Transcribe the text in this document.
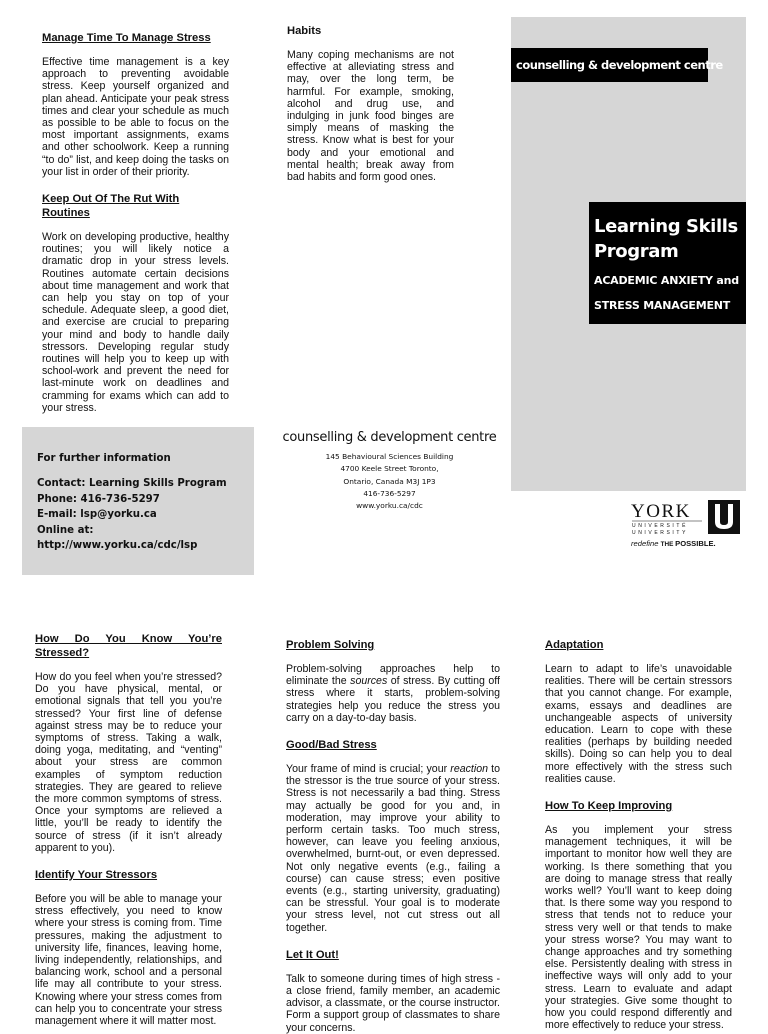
Manage Time To Manage Stress

Effective time management is a key approach to preventing avoidable stress. Keep yourself organized and plan ahead. Anticipate your peak stress times and clear your schedule as much as possible to be able to focus on the most important assignments, exams and other schoolwork. Keep a running “to do” list, and keep doing the tasks on your list in order of their priority.

Keep Out Of The Rut With Routines

Work on developing productive, healthy routines; you will likely notice a dramatic drop in your stress levels. Routines automate certain decisions about time management and work that can help you stay on top of your schedule. Adequate sleep, a good diet, and exercise are crucial to preparing your mind and body to handle daily stressors. Developing regular study routines will help you to keep up with school-work and prevent the need for last-minute work on deadlines and cramming for exams which can add to your stress.

Habits

Many coping mechanisms are not effective at alleviating stress and may, over the long term, be harmful. For example, smoking, alcohol and drug use, and indulging in junk food binges are simply means of masking the stress. Know what is best for your body and your emotional and mental health; break away from bad habits and form good ones.

For further information
Contact: Learning Skills Program
Phone: 416-736-5297
E-mail: lsp@yorku.ca
Online at: http://www.yorku.ca/cdc/lsp
counselling & development centre
145 Behavioural Sciences Building
4700 Keele Street Toronto,
Ontario, Canada M3J 1P3
416-736-5297
www.yorku.ca/cdc
counselling & development centre
Learning Skills
Program
ACADEMIC ANXIETY and
STRESS MANAGEMENT
YORK
UNIVERSITÉ
UNIVERSITY
redefine THE POSSIBLE.
How Do You Know You’re Stressed?

How do you feel when you’re stressed? Do you have physical, mental, or emotional signals that tell you you’re stressed? Your first line of defense against stress may be to reduce your symptoms of stress. Taking a walk, doing yoga, meditating, and “venting” about your stress are common examples of symptom reduction strategies. They are geared to relieve the more common symptoms of stress. Once your symptoms are relieved a little, you’ll be ready to identify the source of stress (if it isn’t already apparent to you).

Identify Your Stressors

Before you will be able to manage your stress effectively, you need to know where your stress is coming from. Time pressures, making the adjustment to university life, finances, leaving home, living independently, relationships, and balancing work, school and a personal life may all contribute to your stress. Knowing where your stress comes from can help you to concentrate your stress management where it will matter most.

Problem Solving

Problem-solving approaches help to eliminate the sources of stress. By cutting off stress where it starts, problem-solving strategies help you reduce the stress you carry on a day-to-day basis.

Good/Bad Stress

Your frame of mind is crucial; your reaction to the stressor is the true source of your stress. Stress is not necessarily a bad thing. Stress may actually be good for you and, in moderation, may improve your ability to perform certain tasks. Too much stress, however, can leave you feeling anxious, overwhelmed, burnt-out, or even depressed. Not only negative events (e.g., failing a course) can cause stress; even positive events (e.g., starting university, graduating) can be stressful. Your goal is to moderate your stress level, not cut stress out all together.

Let It Out!

Talk to someone during times of high stress - a close friend, family member, an academic advisor, a classmate, or the course instructor. Form a support group of classmates to share your concerns.

Adaptation

Learn to adapt to life’s unavoidable realities. There will be certain stressors that you cannot change. For example, exams, essays and deadlines are unchangeable aspects of university education. Learn to cope with these realities (perhaps by building needed skills). Doing so can help you to deal more effectively with the stress such realities cause.

How To Keep Improving

As you implement your stress management techniques, it will be important to monitor how well they are working. Is there something that you are doing to manage stress that really works well? You’ll want to keep doing that. Is there some way you respond to stress that tends not to reduce your stress very well or that tends to make your stress worse? You may want to change approaches and try something else. Persistently dealing with stress in ineffective ways will only add to your stress. Learn to evaluate and adapt your strategies. Give some thought to how you could respond differently and more effectively to reduce your stress.
